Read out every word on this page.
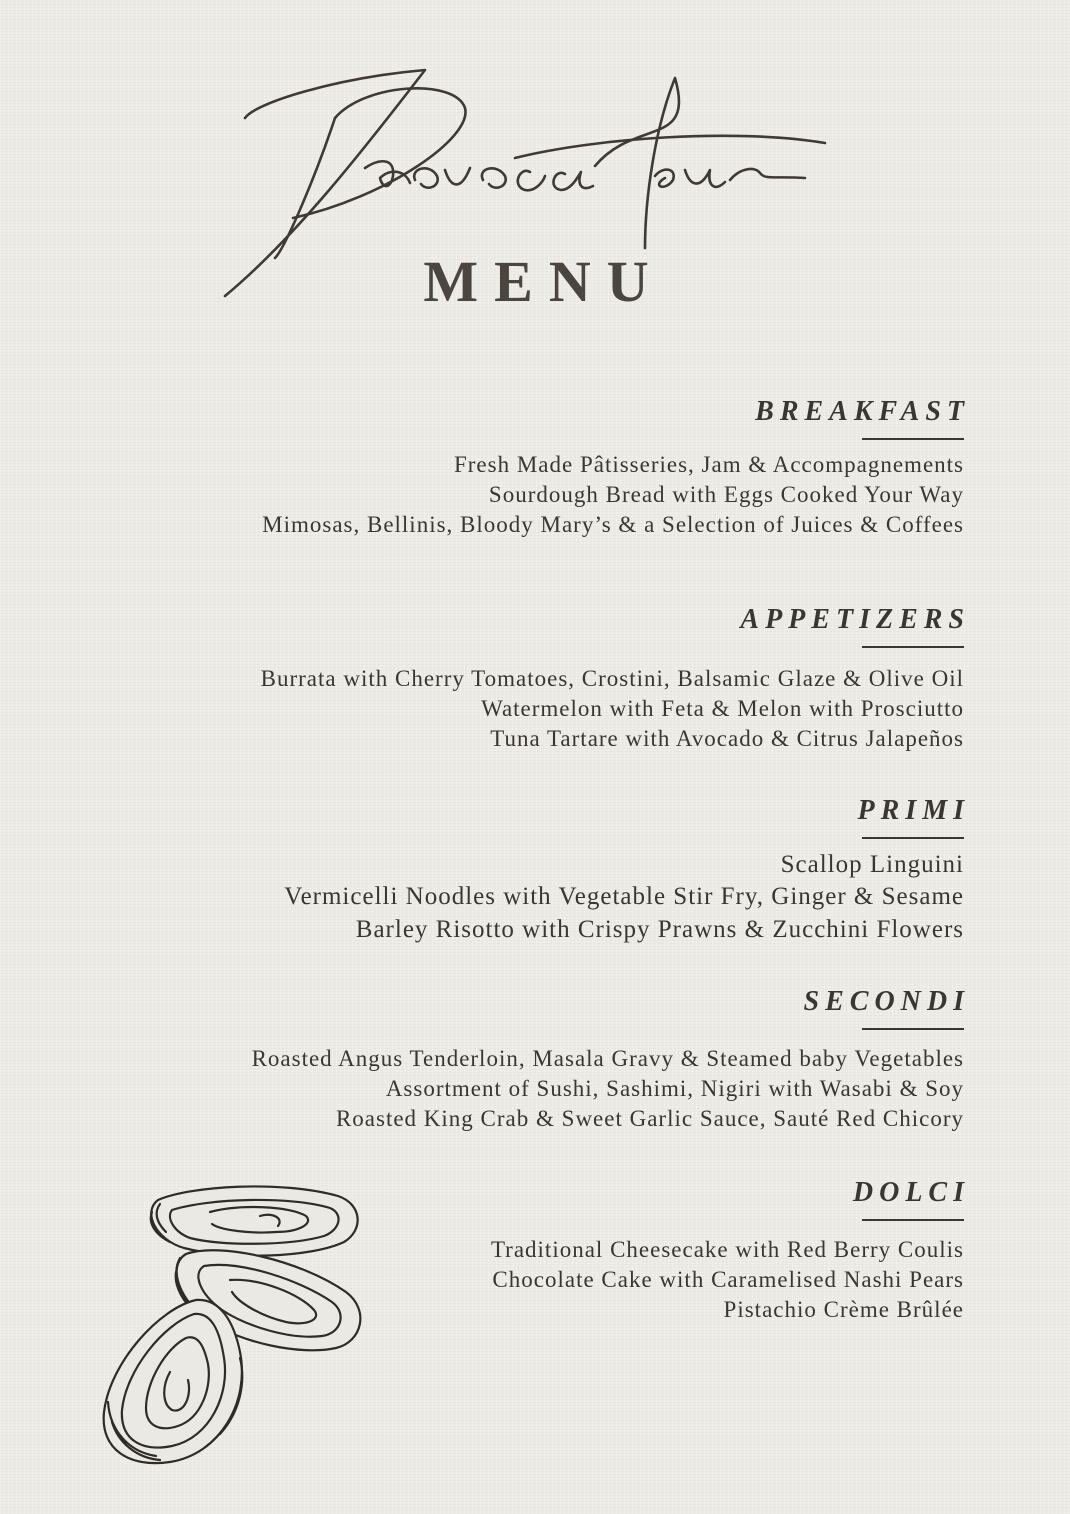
MENU
BREAKFAST
Fresh Made Pâtisseries, Jam & Accompagnements
Sourdough Bread with Eggs Cooked Your Way
Mimosas, Bellinis, Bloody Mary’s & a Selection of Juices & Coffees
APPETIZERS
Burrata with Cherry Tomatoes, Crostini, Balsamic Glaze & Olive Oil
Watermelon with Feta & Melon with Prosciutto
Tuna Tartare with Avocado & Citrus Jalapeños
PRIMI
Scallop Linguini
Vermicelli Noodles with Vegetable Stir Fry, Ginger & Sesame
Barley Risotto with Crispy Prawns & Zucchini Flowers
SECONDI
Roasted Angus Tenderloin, Masala Gravy & Steamed baby Vegetables
Assortment of Sushi, Sashimi, Nigiri with Wasabi & Soy
Roasted King Crab & Sweet Garlic Sauce, Sauté Red Chicory
DOLCI
Traditional Cheesecake with Red Berry Coulis
Chocolate Cake with Caramelised Nashi Pears
Pistachio Crème Brûlée
